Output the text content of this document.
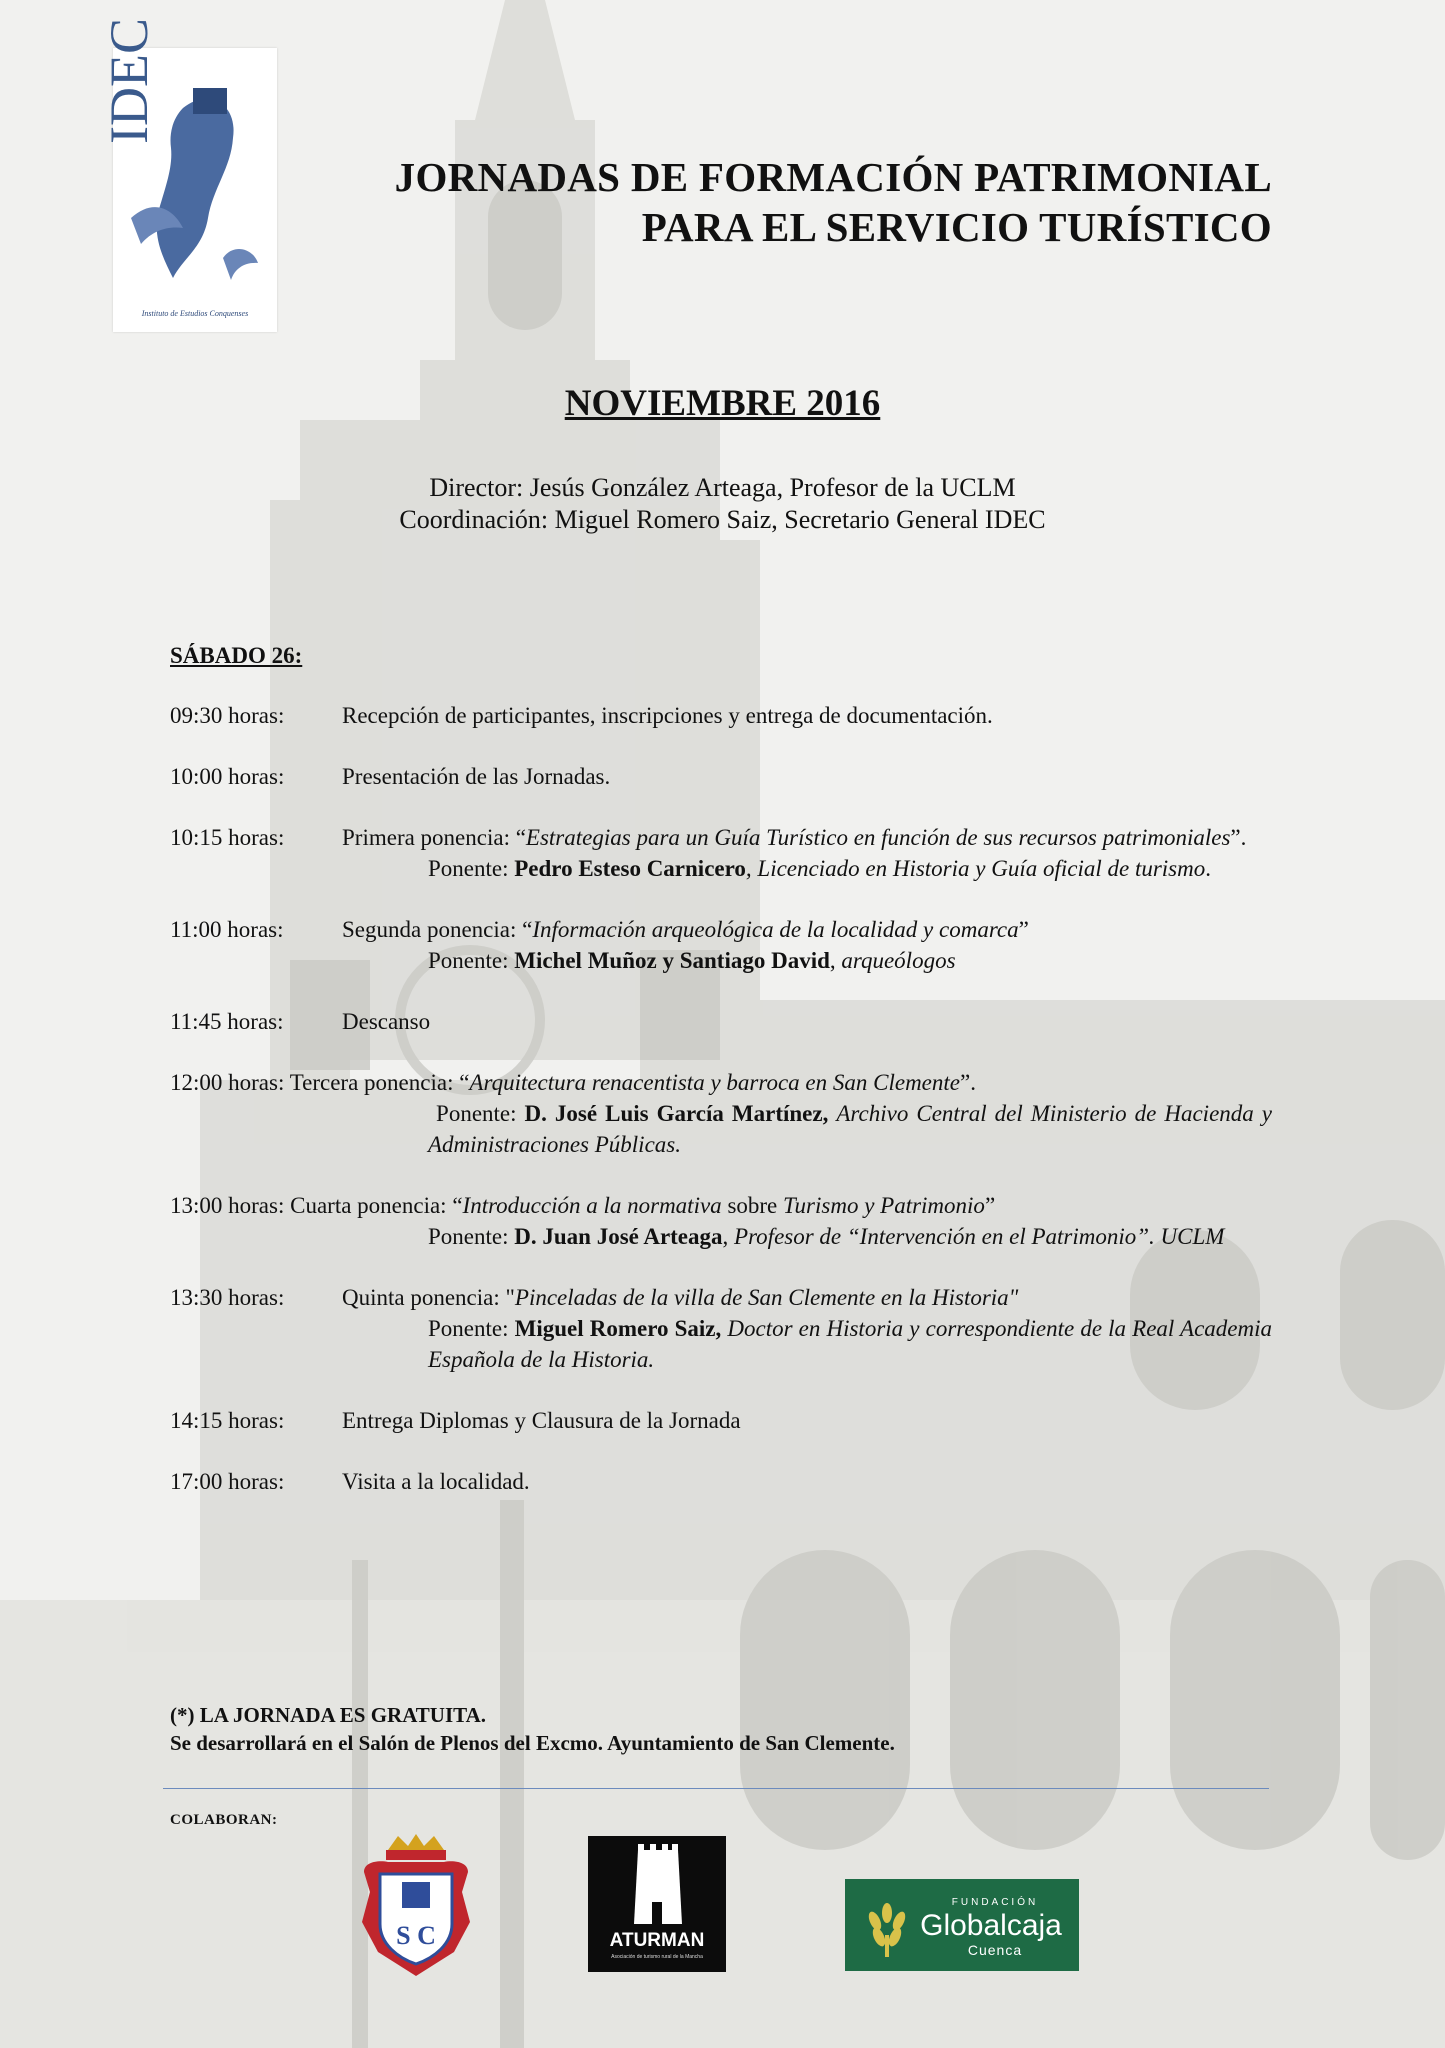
IDEC
Instituto de Estudios Conquenses
JORNADAS DE FORMACIÓN PATRIMONIAL
PARA EL SERVICIO TURÍSTICO
NOVIEMBRE 2016
Director: Jesús González Arteaga, Profesor de la UCLM
Coordinación: Miguel Romero Saiz, Secretario General IDEC
SÁBADO 26:
09:30 horas:	Recepción de participantes, inscripciones y entrega de documentación.
10:00 horas:	Presentación de las Jornadas.
10:15 horas:	Primera ponencia: “Estrategias para un Guía Turístico en función de sus recursos patrimoniales”.
Ponente: Pedro Esteso Carnicero, Licenciado en Historia y Guía oficial de turismo.
11:00 horas:	Segunda ponencia: “Información arqueológica de la localidad y comarca”
Ponente: Michel Muñoz y Santiago David, arqueólogos
11:45 horas:	Descanso
12:00 horas: Tercera ponencia: “Arquitectura renacentista y barroca en San Clemente”.
Ponente: D. José Luis García Martínez, Archivo Central del Ministerio de Hacienda y Administraciones Públicas.
13:00 horas: Cuarta ponencia: “Introducción a la normativa sobre Turismo y Patrimonio”
Ponente: D. Juan José Arteaga, Profesor de “Intervención en el Patrimonio”. UCLM
13:30 horas:	Quinta ponencia: "Pinceladas de la villa de San Clemente en la Historia"
Ponente: Miguel Romero Saiz, Doctor en Historia y correspondiente de la Real Academia Española de la Historia.
14:15 horas:	Entrega Diplomas y Clausura de la Jornada
17:00 horas:	Visita a la localidad.
(*) LA JORNADA ES GRATUITA.
Se desarrollará en el Salón de Plenos del Excmo. Ayuntamiento de San Clemente.
COLABORAN:
S C	ATURMAN
Asociación de turismo rural de la Mancha
FUNDACIÓN
Globalcaja
Cuenca
